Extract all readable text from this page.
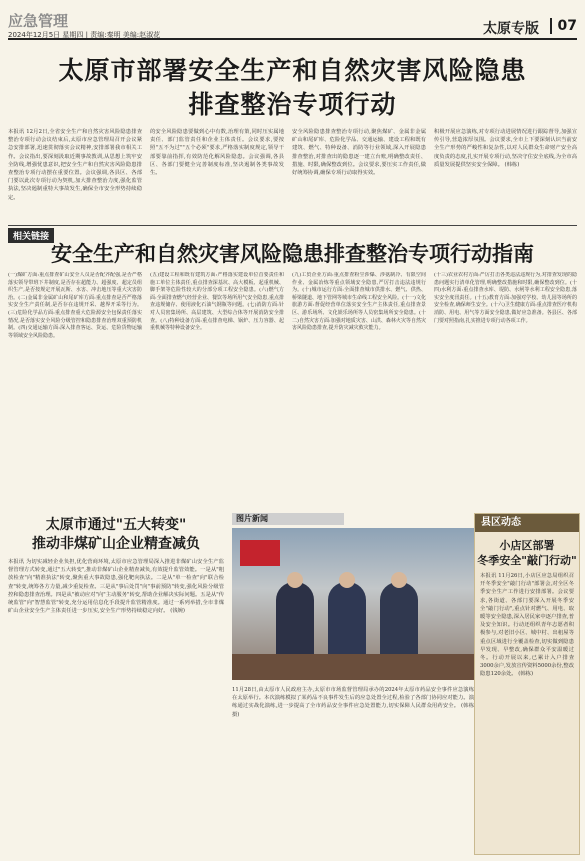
应急管理
2024年12月5日 星期四 | 责编:秦明 美编:赵淑花	太原专版	07
太原市部署安全生产和自然灾害风险隐患
排查整治专项行动
本报讯 12月2日,全省安全生产和自然灾害风险隐患排查整治专项行动会议结束后,太原市应急管理局召开会议紧急安排部署,迅速贯彻落实会议精神,安排部署我市相关工作。会议指出,要深刻汲取近期事故教训,从思想上筑牢安全防线,增强忧患意识,把安全生产和自然灾害风险隐患排查整治专项行动摆在重要位置。会议强调,各县区、各部门要以此次专项行动为契机,加大排查整治力度,强化监管执法,坚决遏制重特大事故发生,确保全市安全形势持续稳定。
的安全风险隐患要做到心中有数,治理有策,同时压实属地责任、部门监管责任和企业主体责任。会议要求,要按照"五不为过""五个必须"要求,严格落实制度规定,领导干部要靠前指挥,有效防范化解风险隐患。会议强调,各县区、各部门要健全完善制度标准,坚决遏制各类事故发生。
安全风险隐患排查整治专项行动,聚焦煤矿、金属非金属矿山和尾矿库、危险化学品、交通运输、建设工程和既有建筑、燃气、特种设备、消防等行业领域,深入开展隐患排查整治,对排查出的隐患逐一建立台账,明确整改责任、措施、时限,确保整改到位。会议要求,要压实工作责任,做好统筹协调,确保专项行动取得实效。
积极开展应急演练,对专项行动进展情况进行跟踪督导,加强宣传引导,营造浓厚氛围。会议要求,全市上下要深刻认识当前安全生产形势的严峻性和复杂性,以对人民群众生命财产安全高度负责的态度,扎实开展专项行动,坚决守住安全底线,为全市高质量发展提供坚实安全保障。 (韩栋)
相关链接
安全生产和自然灾害风险隐患排查整治专项行动指南
(一)煤矿方面:重点排查矿山安全人员是否配齐配强,是否严格落实领导带班下井制度,是否存在超能力、超强度、超定员组织生产,是否按规定开展瓦斯、水害、冲击地压等重大灾害防治。(二)金属非金属矿山和尾矿库方面:重点排查是否严格落实安全生产责任制,是否存在违规开采、越界开采等行为。(三)危险化学品方面:重点排查重大危险源安全包保责任落实情况,是否落实安全风险分级管控和隐患排查治理双重预防机制。(四)交通运输方面:深入排查客运、货运、危险货物运输等领域安全风险隐患。
(五)建设工程和既有建筑方面:严格落实建设单位首要责任和施工单位主体责任,重点排查深基坑、高大模板、起重机械、脚手架等危险性较大的分部分项工程安全隐患。(六)燃气方面:全面排查燃气经营企业、餐饮等场所用气安全隐患,重点排查违规储存、使用液化石油气钢瓶等问题。(七)消防方面:针对人员密集场所、高层建筑、大型综合体等开展消防安全排查。(八)特种设备方面:重点排查电梯、锅炉、压力容器、起重机械等特种设备安全。
(九)工贸企业方面:重点排查粉尘涉爆、涉氨制冷、有限空间作业、金属冶炼等重点领域安全隐患,严厉打击违法违规行为。(十)城市运行方面:全面排查城市供排水、燃气、供热、桥梁隧道、地下管网等城市生命线工程安全风险。(十一)文化旅游方面:督促经营单位落实安全生产主体责任,重点排查景区、游乐场所、文化娱乐场所等人员密集场所安全隐患。(十二)自然灾害方面:加强对地质灾害、山洪、森林火灾等自然灾害风险隐患排查,提升防灾减灾救灾能力。
(十三)农业农村方面:严厉打击各类违法违规行为,对排查发现的隐患问题实行清单化管理,明确整改措施和时限,确保整改到位。(十四)水利方面:重点排查水库、堤防、水闸等水利工程安全隐患,落实安全度汛责任。(十五)教育方面:加强对学校、幼儿园等场所的安全检查,确保师生安全。(十六)卫生健康方面:重点排查医疗机构消防、用电、用气等方面安全隐患,做好应急准备。各县区、各部门要对照指南,扎实推进专项行动各项工作。
太原市通过"五大转变"
推动非煤矿山企业精查减负
本报讯 为切实减轻企业负担,优化营商环境,太原市应急管理局深入推进非煤矿山安全生产监督管理方式转变,通过"五大转变",推动非煤矿山企业精查减负,有效提升监管效能。一是从"粗放检查"向"精准执法"转变,聚焦重大事故隐患,强化靶向执法。二是从"单一检查"向"联合检查"转变,统筹各方力量,减少重复检查。三是从"事后处罚"向"事前预防"转变,强化风险分级管控和隐患排查治理。四是从"被动应对"向"主动服务"转变,帮助企业解决实际问题。五是从"传统监管"向"智慧监管"转变,充分运用信息化手段提升监管精准度。通过一系列举措,全市非煤矿山企业安全生产主体责任进一步压实,安全生产形势持续稳定向好。 (钱婉)
图片新闻
11月28日,由太原市人民政府主办,太原市市场监督管理局承办的2024年太原市药品安全事件应急演练在太原举行。本次演练模拟了某药品不良事件发生后的应急处置全过程,检验了各部门协同应对能力。演练通过实战化演练,进一步提高了全市药品安全事件应急处置能力,切实保障人民群众用药安全。 (韩栋 摄)
县区动态
小店区部署
冬季安全"敲门行动"
本报讯 11月26日,小店区应急局组织召开冬季安全"敲门行动"部署会,对全区冬季安全生产工作进行安排部署。会议要求,各街道、各部门要深入开展冬季安全"敲门行动",重点针对燃气、用电、取暖等安全隐患,深入居民家中逐户排查,普及安全知识。行动还组织青年志愿者积极参与,对老旧小区、城中村、出租屋等重点区域进行全覆盖检查,切实做到隐患早发现、早整改,确保群众平安温暖过冬。行动开展以来,已累计入户排查3000余户,发放宣传资料5000余份,整改隐患120余处。 (韩栋)
